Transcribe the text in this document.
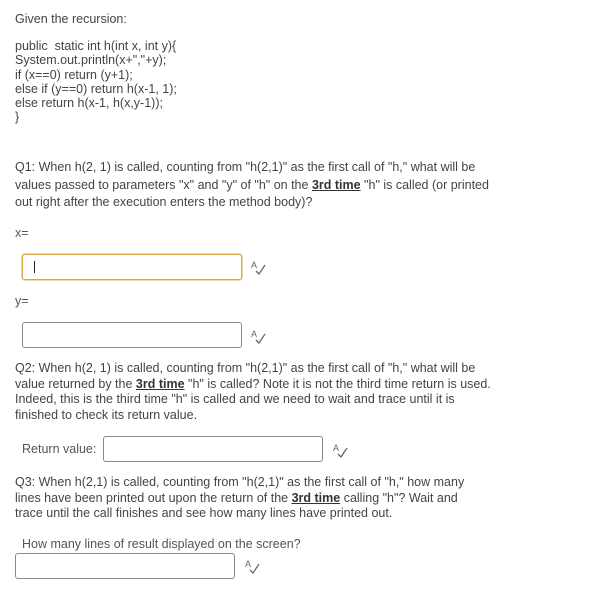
Given the recursion:
public  static int h(int x, int y){
System.out.println(x+","+y);
if (x==0) return (y+1);
else if (y==0) return h(x-1, 1);
else return h(x-1, h(x,y-1));
}
Q1: When h(2, 1) is called, counting from "h(2,1)" as the first call of "h," what will be values passed to parameters "x" and "y" of "h" on the 3rd time "h" is called (or printed out right after the execution enters the method body)?
x=
A
y=
A
Q2: When h(2, 1) is called, counting from "h(2,1)" as the first call of "h," what will be value returned by the 3rd time "h" is called? Note it is not the third time return is used. Indeed, this is the third time "h" is called and we need to wait and trace until it is finished to check its return value.
Return value:	A
Q3: When h(2,1) is called, counting from "h(2,1)" as the first call of "h," how many lines have been printed out upon the return of the 3rd time calling "h"? Wait and trace until the call finishes and see how many lines have printed out.
How many lines of result displayed on the screen?
A
